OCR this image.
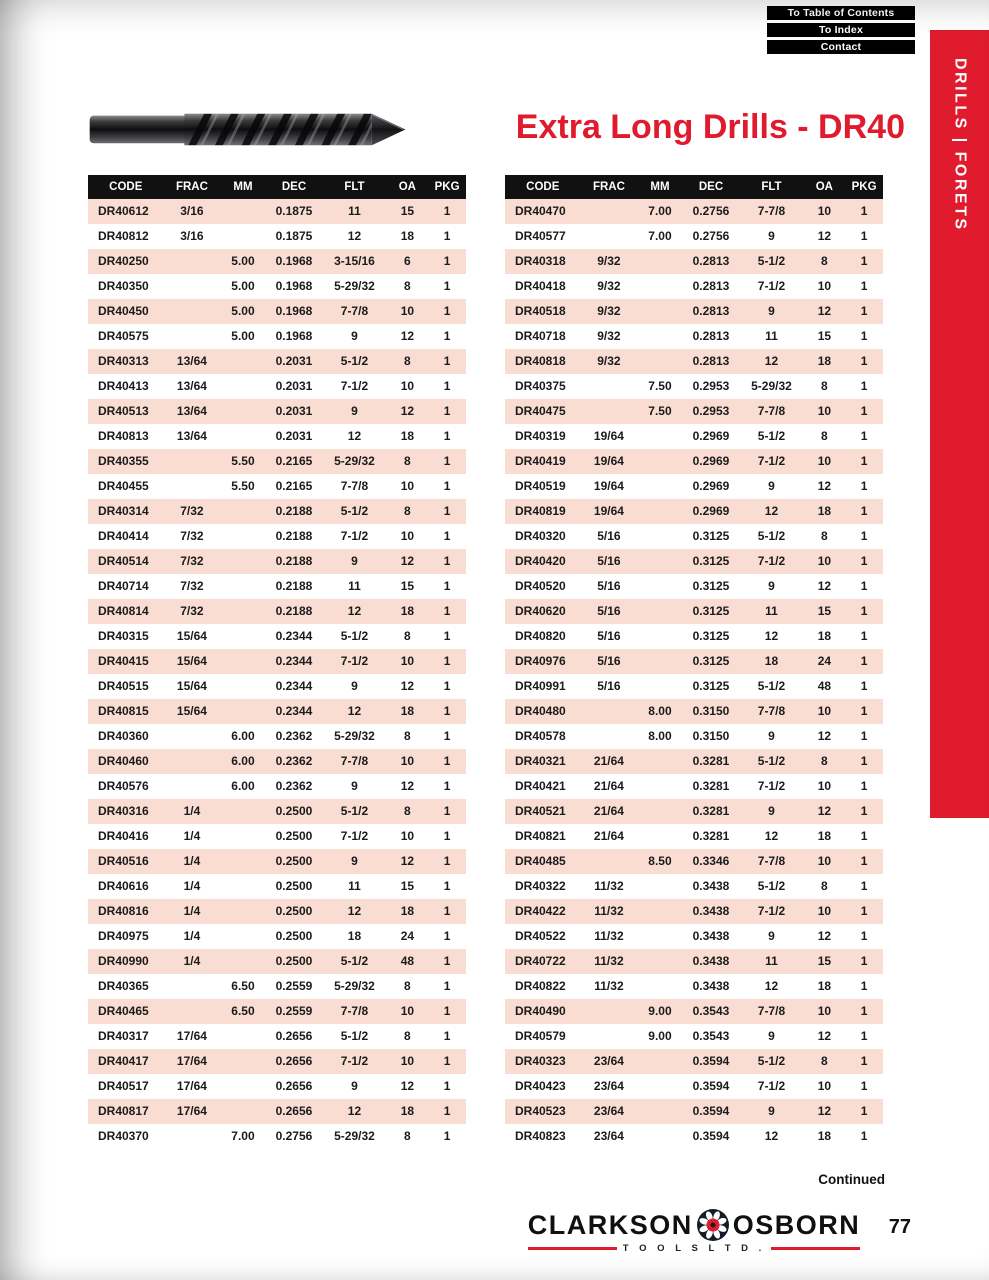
To Table of Contents
To Index
Contact
DRILLS | FORETS
Extra Long Drills - DR40
CODE	FRAC	MM	DEC	FLT	OA	PKG
DR40612	3/16		0.1875	11	15	1
DR40812	3/16		0.1875	12	18	1
DR40250		5.00	0.1968	3-15/16	6	1
DR40350		5.00	0.1968	5-29/32	8	1
DR40450		5.00	0.1968	7-7/8	10	1
DR40575		5.00	0.1968	9	12	1
DR40313	13/64		0.2031	5-1/2	8	1
DR40413	13/64		0.2031	7-1/2	10	1
DR40513	13/64		0.2031	9	12	1
DR40813	13/64		0.2031	12	18	1
DR40355		5.50	0.2165	5-29/32	8	1
DR40455		5.50	0.2165	7-7/8	10	1
DR40314	7/32		0.2188	5-1/2	8	1
DR40414	7/32		0.2188	7-1/2	10	1
DR40514	7/32		0.2188	9	12	1
DR40714	7/32		0.2188	11	15	1
DR40814	7/32		0.2188	12	18	1
DR40315	15/64		0.2344	5-1/2	8	1
DR40415	15/64		0.2344	7-1/2	10	1
DR40515	15/64		0.2344	9	12	1
DR40815	15/64		0.2344	12	18	1
DR40360		6.00	0.2362	5-29/32	8	1
DR40460		6.00	0.2362	7-7/8	10	1
DR40576		6.00	0.2362	9	12	1
DR40316	1/4		0.2500	5-1/2	8	1
DR40416	1/4		0.2500	7-1/2	10	1
DR40516	1/4		0.2500	9	12	1
DR40616	1/4		0.2500	11	15	1
DR40816	1/4		0.2500	12	18	1
DR40975	1/4		0.2500	18	24	1
DR40990	1/4		0.2500	5-1/2	48	1
DR40365		6.50	0.2559	5-29/32	8	1
DR40465		6.50	0.2559	7-7/8	10	1
DR40317	17/64		0.2656	5-1/2	8	1
DR40417	17/64		0.2656	7-1/2	10	1
DR40517	17/64		0.2656	9	12	1
DR40817	17/64		0.2656	12	18	1
DR40370		7.00	0.2756	5-29/32	8	1
CODE	FRAC	MM	DEC	FLT	OA	PKG
DR40470		7.00	0.2756	7-7/8	10	1
DR40577		7.00	0.2756	9	12	1
DR40318	9/32		0.2813	5-1/2	8	1
DR40418	9/32		0.2813	7-1/2	10	1
DR40518	9/32		0.2813	9	12	1
DR40718	9/32		0.2813	11	15	1
DR40818	9/32		0.2813	12	18	1
DR40375		7.50	0.2953	5-29/32	8	1
DR40475		7.50	0.2953	7-7/8	10	1
DR40319	19/64		0.2969	5-1/2	8	1
DR40419	19/64		0.2969	7-1/2	10	1
DR40519	19/64		0.2969	9	12	1
DR40819	19/64		0.2969	12	18	1
DR40320	5/16		0.3125	5-1/2	8	1
DR40420	5/16		0.3125	7-1/2	10	1
DR40520	5/16		0.3125	9	12	1
DR40620	5/16		0.3125	11	15	1
DR40820	5/16		0.3125	12	18	1
DR40976	5/16		0.3125	18	24	1
DR40991	5/16		0.3125	5-1/2	48	1
DR40480		8.00	0.3150	7-7/8	10	1
DR40578		8.00	0.3150	9	12	1
DR40321	21/64		0.3281	5-1/2	8	1
DR40421	21/64		0.3281	7-1/2	10	1
DR40521	21/64		0.3281	9	12	1
DR40821	21/64		0.3281	12	18	1
DR40485		8.50	0.3346	7-7/8	10	1
DR40322	11/32		0.3438	5-1/2	8	1
DR40422	11/32		0.3438	7-1/2	10	1
DR40522	11/32		0.3438	9	12	1
DR40722	11/32		0.3438	11	15	1
DR40822	11/32		0.3438	12	18	1
DR40490		9.00	0.3543	7-7/8	10	1
DR40579		9.00	0.3543	9	12	1
DR40323	23/64		0.3594	5-1/2	8	1
DR40423	23/64		0.3594	7-1/2	10	1
DR40523	23/64		0.3594	9	12	1
DR40823	23/64		0.3594	12	18	1
Continued
CLARKSON OSBORN
T O O L S L T D .
77
